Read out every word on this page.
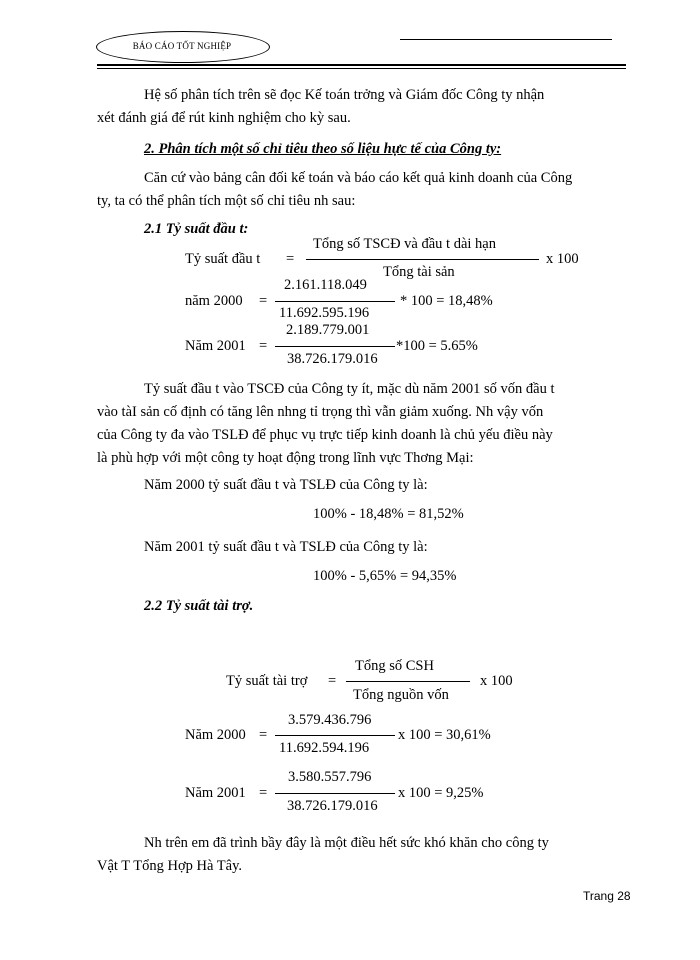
BÁO CÁO TỐT NGHIỆP
Hệ số phân tích trên sẽ đọc Kế toán trởng và Giám đốc Công ty nhận
xét đánh giá để rút kinh nghiệm cho kỳ sau.
2. Phân tích một số chỉ tiêu theo số liệu hực tế của Công ty:
Căn cứ vào bảng cân đối kế toán và báo cáo kết quả kinh doanh của Công
ty, ta có thể phân tích một số chỉ tiêu nh sau:
2.1 Tỷ suất đầu t:
Tổng số TSCĐ và đầu t dài hạn
Tỷ suất đầu t =	x 100
Tổng tài sản
2.161.118.049
năm 2000 =	* 100 = 18,48%
11.692.595.196
2.189.779.001
Năm 2001 =	*100 = 5.65%
38.726.179.016
Tỷ suất đầu t vào TSCĐ của Công ty ít, mặc dù năm 2001 số vốn đầu t
vào tàI sản cố định có tăng lên nhng tỉ trọng thì vẫn giảm xuống. Nh vậy vốn
của Công ty đa vào TSLĐ để phục vụ trực tiếp kinh doanh là chủ yếu điều này
là phù hợp với một công ty hoạt động trong lĩnh vực Thơng Mại:
Năm 2000 tỷ suất đầu t và TSLĐ của Công ty là:
100% - 18,48% = 81,52%
Năm 2001 tỷ suất đầu t và TSLĐ của Công ty là:
100% - 5,65% = 94,35%
2.2 Tỷ suất tài trợ.
Tổng số CSH
Tỷ suất tài trợ =	x 100
Tổng nguồn vốn
3.579.436.796
Năm 2000 =	x 100 = 30,61%
11.692.594.196
3.580.557.796
Năm 2001 =	x 100 = 9,25%
38.726.179.016
Nh trên em đã trình bầy đây là một điều hết sức khó khăn cho công ty
Vật T Tổng Hợp Hà Tây.
Trang 28
